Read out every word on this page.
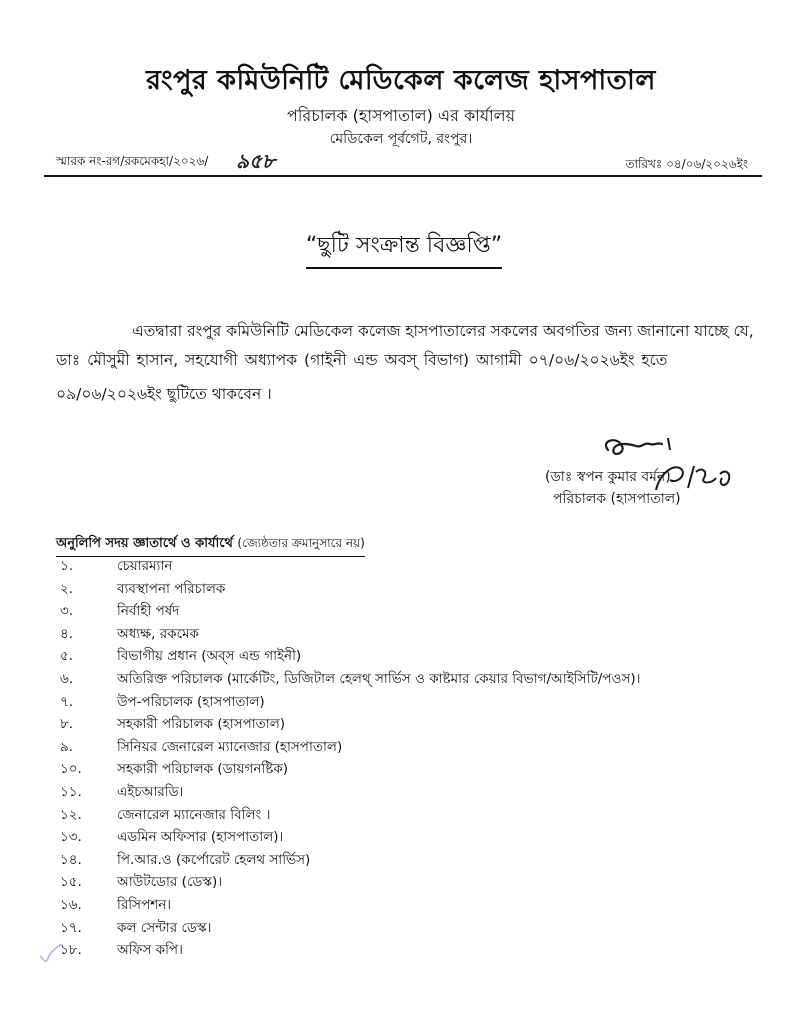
রংপুর কমিউনিটি মেডিকেল কলেজ হাসপাতাল
পরিচালক (হাসপাতাল) এর কার্যালয়
মেডিকেল পূর্বগেট, রংপুর।
স্মারক নং-রগ/রকমেকহা/২০২৬/ ৯৫৮	তারিখঃ ০৪/০৬/২০২৬ইং
“ছুটি সংক্রান্ত বিজ্ঞপ্তি”
এতদ্বারা রংপুর কমিউনিটি মেডিকেল কলেজ হাসপাতালের সকলের অবগতির জন্য জানানো যাচ্ছে যে,
ডাঃ মৌসুমী হাসান, সহযোগী অধ্যাপক (গাইনী এন্ড অবস্ বিভাগ) আগামী ০৭/০৬/২০২৬ইং হতে
০৯/০৬/২০২৬ইং ছুটিতে থাকবেন ।
(ডাঃ স্বপন কুমার বর্মন)
পরিচালক (হাসপাতাল)
অনুলিপি সদয় জ্ঞাতার্থে ও কার্যার্থে (জ্যেষ্ঠতার ক্রমানুসারে নয়)
১.	চেয়ারম্যান
২.	ব্যবস্থাপনা পরিচালক
৩.	নির্বাহী পর্ষদ
৪.	অধ্যক্ষ, রকমেক
৫.	বিভাগীয় প্রধান (অব্স এন্ড গাইনী)
৬.	অতিরিক্ত পরিচালক (মার্কেটিং, ডিজিটাল হেলথ্ সার্ভিস ও কাষ্টমার কেয়ার বিভাগ/আইসিটি/পওস)।
৭.	উপ-পরিচালক (হাসপাতাল)
৮.	সহকারী পরিচালক (হাসপাতাল)
৯.	সিনিয়র জেনারেল ম্যানেজার (হাসপাতাল)
১০.	সহকারী পরিচালক (ডায়গনষ্টিক)
১১.	এইচআরডি।
১২.	জেনারেল ম্যানেজার বিলিং ।
১৩.	এডমিন অফিসার (হাসপাতাল)।
১৪.	পি.আর.ও (কর্পোরেট হেলথ সার্ভিস)
১৫.	আউটডোর (ডেস্ক)।
১৬.	রিসিপশন।
১৭.	কল সেন্টার ডেস্ক।
১৮.	অফিস কপি।
